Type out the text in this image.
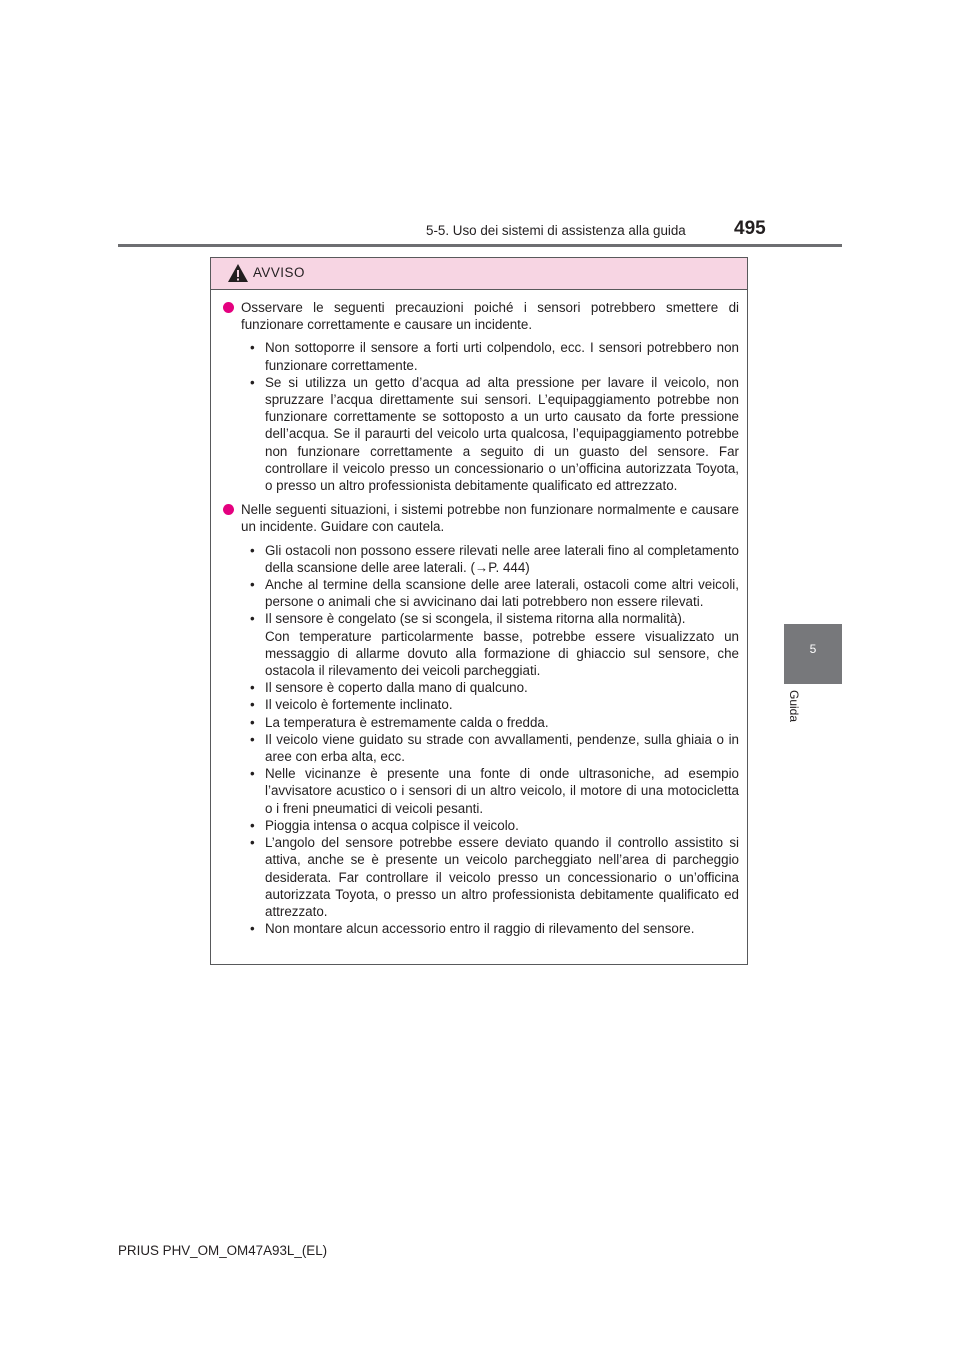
5-5. Uso dei sistemi di assistenza alla guida	495
5
Guida
AVVISO
Osservare le seguenti precauzioni poiché i sensori potrebbero smettere di funzionare correttamente e causare un incidente.
• Non sottoporre il sensore a forti urti colpendolo, ecc. I sensori potrebbero non funzionare correttamente.
• Se si utilizza un getto d’acqua ad alta pressione per lavare il veicolo, non spruzzare l’acqua direttamente sui sensori. L’equipaggiamento potrebbe non funzionare correttamente se sottoposto a un urto causato da forte pressione dell’acqua. Se il paraurti del veicolo urta qualcosa, l’equipaggiamento potrebbe non funzionare correttamente a seguito di un guasto del sensore. Far controllare il veicolo presso un concessionario o un’officina autorizzata Toyota, o presso un altro professionista debitamente qualificato ed attrezzato.
Nelle seguenti situazioni, i sistemi potrebbe non funzionare normalmente e causare un incidente. Guidare con cautela.
• Gli ostacoli non possono essere rilevati nelle aree laterali fino al completamento della scansione delle aree laterali. (→P. 444)
• Anche al termine della scansione delle aree laterali, ostacoli come altri veicoli, persone o animali che si avvicinano dai lati potrebbero non essere rilevati.
• Il sensore è congelato (se si scongela, il sistema ritorna alla normalità).
Con temperature particolarmente basse, potrebbe essere visualizzato un messaggio di allarme dovuto alla formazione di ghiaccio sul sensore, che ostacola il rilevamento dei veicoli parcheggiati.
• Il sensore è coperto dalla mano di qualcuno.
• Il veicolo è fortemente inclinato.
• La temperatura è estremamente calda o fredda.
• Il veicolo viene guidato su strade con avvallamenti, pendenze, sulla ghiaia o in aree con erba alta, ecc.
• Nelle vicinanze è presente una fonte di onde ultrasoniche, ad esempio l’avvisatore acustico o i sensori di un altro veicolo, il motore di una motocicletta o i freni pneumatici di veicoli pesanti.
• Pioggia intensa o acqua colpisce il veicolo.
• L’angolo del sensore potrebbe essere deviato quando il controllo assistito si attiva, anche se è presente un veicolo parcheggiato nell’area di parcheggio desiderata. Far controllare il veicolo presso un concessionario o un’officina autorizzata Toyota, o presso un altro professionista debitamente qualificato ed attrezzato.
• Non montare alcun accessorio entro il raggio di rilevamento del sensore.
PRIUS PHV_OM_OM47A93L_(EL)
